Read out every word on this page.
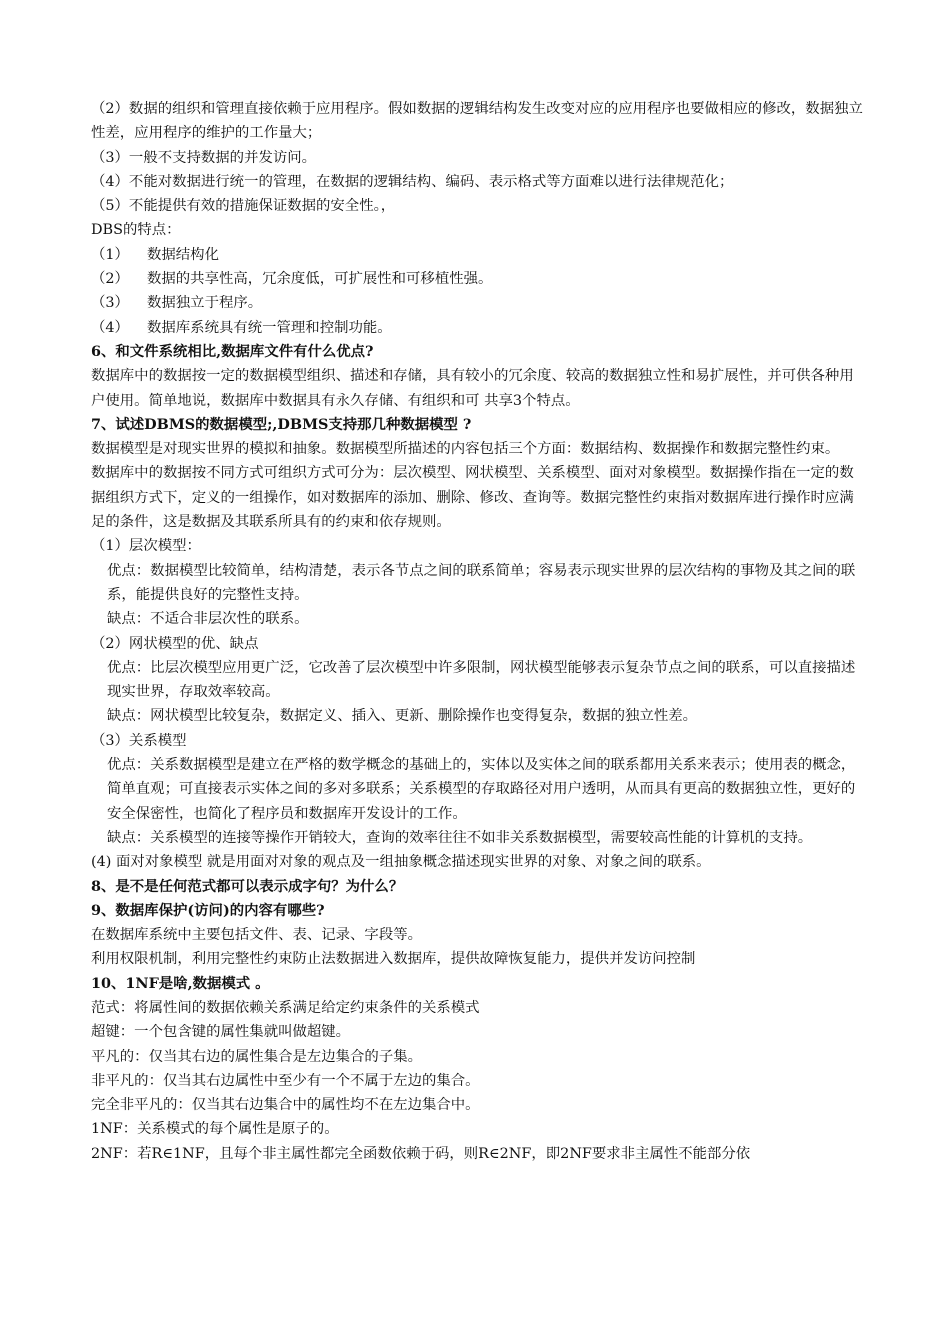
（2）数据的组织和管理直接依赖于应用程序。假如数据的逻辑结构发生改变对应的应用程序也要做相应的修改，数据独立性差，应用程序的维护的工作量大；

（3）一般不支持数据的并发访问。

（4）不能对数据进行统一的管理，在数据的逻辑结构、编码、表示格式等方面难以进行法律规范化；

（5）不能提供有效的措施保证数据的安全性。，

DBS的特点：

（1） 数据结构化

（2） 数据的共享性高，冗余度低，可扩展性和可移植性强。

（3） 数据独立于程序。

（4） 数据库系统具有统一管理和控制功能。

6、和文件系统相比,数据库文件有什么优点?

数据库中的数据按一定的数据模型组织、描述和存储，具有较小的冗余度、较高的数据独立性和易扩展性，并可供各种用户使用。简单地说，数据库中数据具有永久存储、有组织和可 共享3个特点。

7、试述DBMS的数据模型;,DBMS支持那几种数据模型 ?

数据模型是对现实世界的模拟和抽象。数据模型所描述的内容包括三个方面：数据结构、数据操作和数据完整性约束。

数据库中的数据按不同方式可组织方式可分为：层次模型、网状模型、关系模型、面对对象模型。数据操作指在一定的数据组织方式下，定义的一组操作，如对数据库的添加、删除、修改、查询等。数据完整性约束指对数据库进行操作时应满足的条件，这是数据及其联系所具有的约束和依存规则。

（1）层次模型：

优点：数据模型比较简单，结构清楚，表示各节点之间的联系简单；容易表示现实世界的层次结构的事物及其之间的联系，能提供良好的完整性支持。

缺点：不适合非层次性的联系。

（2）网状模型的优、缺点

优点：比层次模型应用更广泛，它改善了层次模型中许多限制，网状模型能够表示复杂节点之间的联系，可以直接描述现实世界，存取效率较高。

缺点：网状模型比较复杂，数据定义、插入、更新、删除操作也变得复杂，数据的独立性差。

（3）关系模型

优点：关系数据模型是建立在严格的数学概念的基础上的，实体以及实体之间的联系都用关系来表示；使用表的概念，简单直观；可直接表示实体之间的多对多联系；关系模型的存取路径对用户透明，从而具有更高的数据独立性，更好的安全保密性，也简化了程序员和数据库开发设计的工作。

缺点：关系模型的连接等操作开销较大，查询的效率往往不如非关系数据模型，需要较高性能的计算机的支持。

(4) 面对对象模型 就是用面对对象的观点及一组抽象概念描述现实世界的对象、对象之间的联系。

8、是不是任何范式都可以表示成字句？为什么？

9、数据库保护(访问)的内容有哪些?

在数据库系统中主要包括文件、表、记录、字段等。

利用权限机制，利用完整性约束防止法数据进入数据库，提供故障恢复能力，提供并发访问控制

10、1NF是啥,数据模式 。

范式：将属性间的数据依赖关系满足给定约束条件的关系模式

超键：一个包含键的属性集就叫做超键。

平凡的：仅当其右边的属性集合是左边集合的子集。

非平凡的：仅当其右边属性中至少有一个不属于左边的集合。

完全非平凡的：仅当其右边集合中的属性均不在左边集合中。

1NF：关系模式的每个属性是原子的。

2NF：若R∈1NF，且每个非主属性都完全函数依赖于码，则R∈2NF，即2NF要求非主属性不能部分依
